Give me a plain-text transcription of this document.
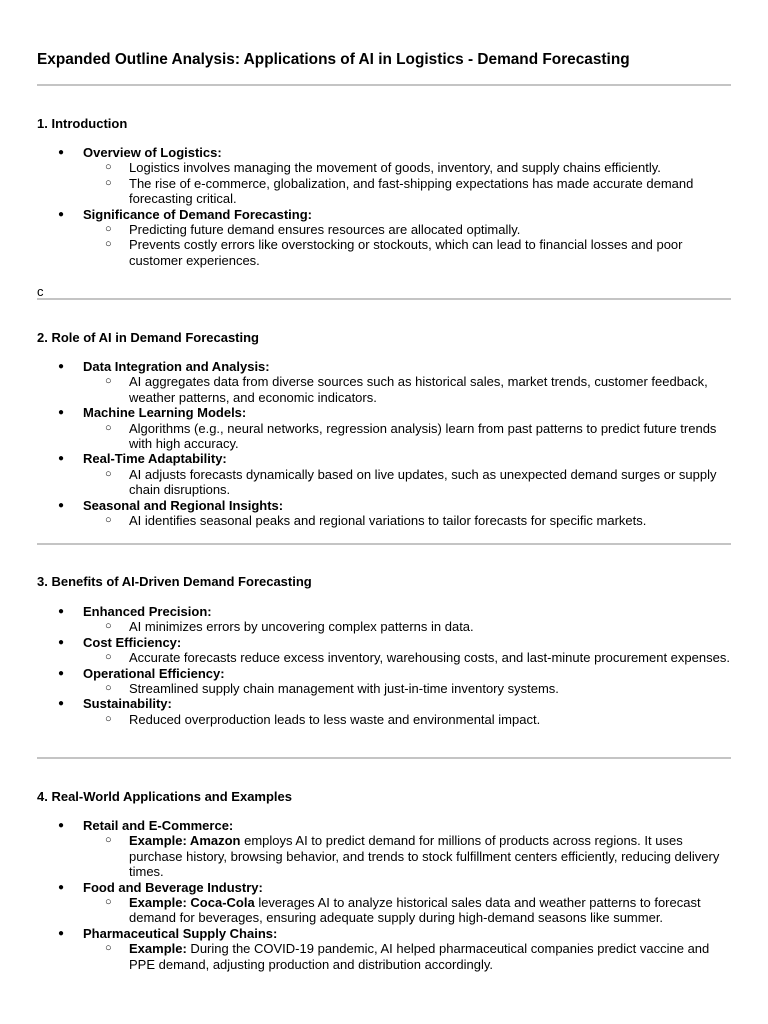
Expanded Outline Analysis: Applications of AI in Logistics - Demand Forecasting
1. Introduction
● Overview of Logistics:
○ Logistics involves managing the movement of goods, inventory, and supply chains efficiently.
○ The rise of e-commerce, globalization, and fast-shipping expectations has made accurate demand forecasting critical.
● Significance of Demand Forecasting:
○ Predicting future demand ensures resources are allocated optimally.
○ Prevents costly errors like overstocking or stockouts, which can lead to financial losses and poor customer experiences.

c

2. Role of AI in Demand Forecasting
● Data Integration and Analysis:
○ AI aggregates data from diverse sources such as historical sales, market trends, customer feedback, weather patterns, and economic indicators.
● Machine Learning Models:
○ Algorithms (e.g., neural networks, regression analysis) learn from past patterns to predict future trends with high accuracy.
● Real-Time Adaptability:
○ AI adjusts forecasts dynamically based on live updates, such as unexpected demand surges or supply chain disruptions.
● Seasonal and Regional Insights:
○ AI identifies seasonal peaks and regional variations to tailor forecasts for specific markets.
3. Benefits of AI-Driven Demand Forecasting
● Enhanced Precision:
○ AI minimizes errors by uncovering complex patterns in data.
● Cost Efficiency:
○ Accurate forecasts reduce excess inventory, warehousing costs, and last-minute procurement expenses.
● Operational Efficiency:
○ Streamlined supply chain management with just-in-time inventory systems.
● Sustainability:
○ Reduced overproduction leads to less waste and environmental impact.
4. Real-World Applications and Examples
● Retail and E-Commerce:
○ Example: Amazon employs AI to predict demand for millions of products across regions. It uses purchase history, browsing behavior, and trends to stock fulfillment centers efficiently, reducing delivery times.
● Food and Beverage Industry:
○ Example: Coca-Cola leverages AI to analyze historical sales data and weather patterns to forecast demand for beverages, ensuring adequate supply during high-demand seasons like summer.
● Pharmaceutical Supply Chains:
○ Example: During the COVID-19 pandemic, AI helped pharmaceutical companies predict vaccine and PPE demand, adjusting production and distribution accordingly.
